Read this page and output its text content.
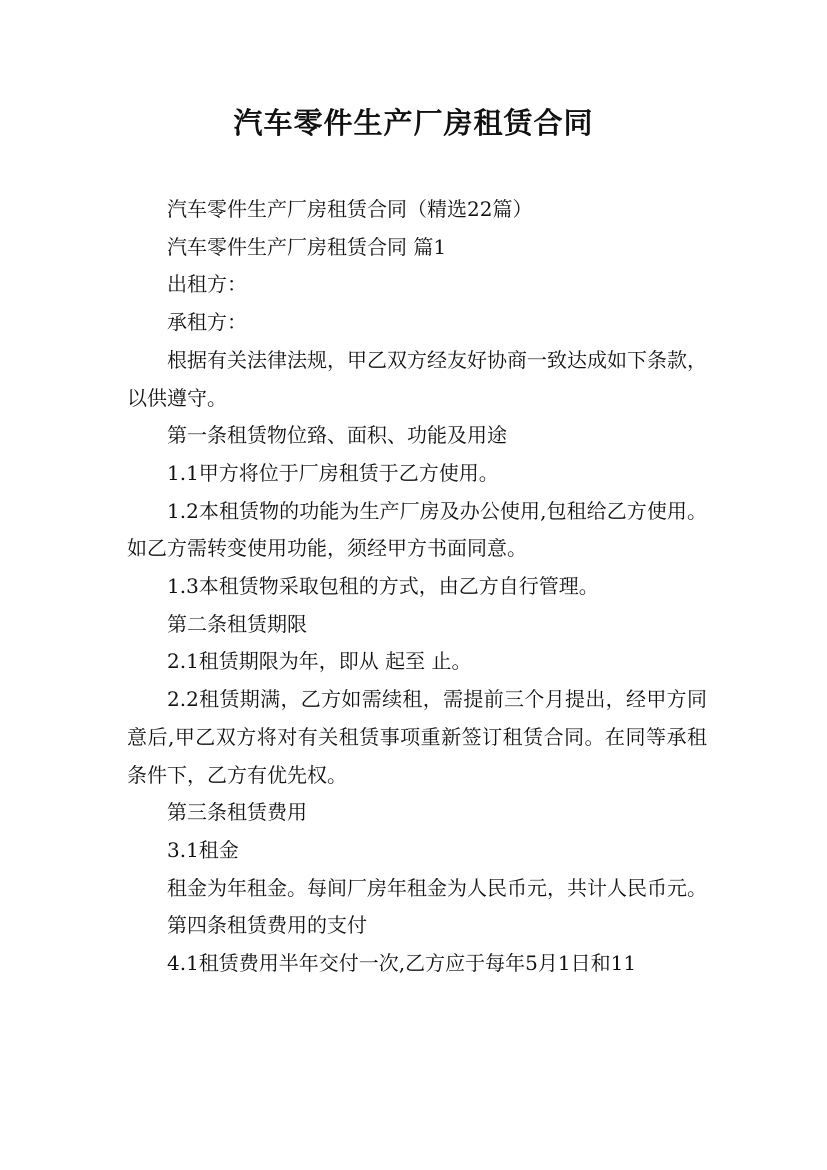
汽车零件生产厂房租赁合同

汽车零件生产厂房租赁合同（精选22篇）

汽车零件生产厂房租赁合同 篇1

出租方：

承租方：

根据有关法律法规，甲乙双方经友好协商一致达成如下条款，以供遵守。

第一条租赁物位臵、面积、功能及用途

1.1甲方将位于厂房租赁于乙方使用。

1.2本租赁物的功能为生产厂房及办公使用,包租给乙方使用。如乙方需转变使用功能，须经甲方书面同意。

1.3本租赁物采取包租的方式，由乙方自行管理。

第二条租赁期限

2.1租赁期限为年，即从 起至 止。

2.2租赁期满，乙方如需续租，需提前三个月提出，经甲方同意后,甲乙双方将对有关租赁事项重新签订租赁合同。在同等承租条件下，乙方有优先权。

第三条租赁费用

3.1租金

租金为年租金。每间厂房年租金为人民币元，共计人民币元。

第四条租赁费用的支付

4.1租赁费用半年交付一次,乙方应于每年5月1日和11
